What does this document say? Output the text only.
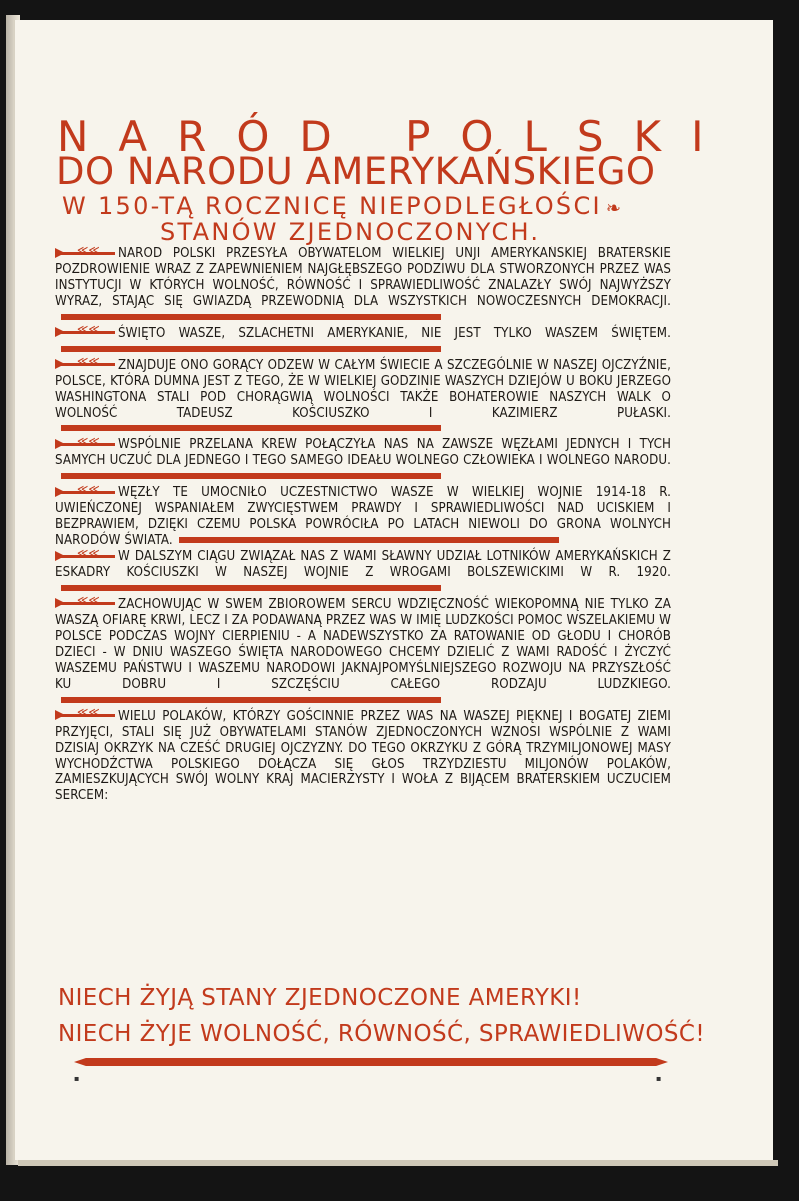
NARÓD POLSKI
DO NARODU AMERYKAŃSKIEGO
W 150-TĄ ROCZNICĘ NIEPODLEGŁOŚCI ❧
STANÓW ZJEDNOCZONYCH.

≪≪NARÓD POLSKI PRZESYŁA OBYWATELOM WIELKIEJ UNJI AMERYKAŃSKIEJ BRATERSKIE POZDROWIENIE WRAZ Z ZAPEWNIENIEM NAJGŁĘBSZEGO PODZIWU DLA STWORZONYCH PRZEZ WAS INSTYTUCJI W KTÓRYCH WOLNOŚĆ, RÓWNOŚĆ I SPRAWIEDLIWOŚĆ ZNALAZŁY SWÓJ NAJWYŻSZY WYRAZ, STAJĄC SIĘ GWIAZDĄ PRZEWODNIĄ DLA WSZYSTKICH NOWOCZESNYCH DEMOKRACJI.

≪≪ŚWIĘTO WASZE, SZLACHETNI AMERYKANIE, NIE JEST TYLKO WASZEM ŚWIĘTEM.

≪≪ZNAJDUJE ONO GORĄCY ODZEW W CAŁYM ŚWIECIE A SZCZEGÓLNIE W NASZEJ OJCZYŹNIE, POLSCE, KTÓRA DUMNA JEST Z TEGO, ŻE W WIELKIEJ GODZINIE WASZYCH DZIEJÓW U BOKU JERZEGO WASHINGTONA STALI POD CHORĄGWIĄ WOLNOŚCI TAKŻE BOHATEROWIE NASZYCH WALK O WOLNOŚĆ TADEUSZ KOŚCIUSZKO I KAZIMIERZ PUŁASKI.

≪≪WSPÓLNIE PRZELANA KREW POŁĄCZYŁA NAS NA ZAWSZE WĘZŁAMI JEDNYCH I TYCH SAMYCH UCZUĆ DLA JEDNEGO I TEGO SAMEGO IDEAŁU WOLNEGO CZŁOWIEKA I WOLNEGO NARODU.

≪≪WĘZŁY TE UMOCNIŁO UCZESTNICTWO WASZE W WIELKIEJ WOJNIE 1914-18 R. UWIEŃCZONEJ WSPANIAŁEM ZWYCIĘSTWEM PRAWDY I SPRAWIEDLIWOŚCI NAD UCISKIEM I BEZPRAWIEM, DZIĘKI CZEMU POLSKA POWRÓCIŁA PO LATACH NIEWOLI DO GRONA WOLNYCH NARODÓW ŚWIATA.

≪≪W DALSZYM CIĄGU ZWIĄZAŁ NAS Z WAMI SŁAWNY UDZIAŁ LOTNIKÓW AMERYKAŃSKICH Z ESKADRY KOŚCIUSZKI W NASZEJ WOJNIE Z WROGAMI BOLSZEWICKIMI W R. 1920.

≪≪ZACHOWUJĄC W SWEM ZBIOROWEM SERCU WDZIĘCZNOŚĆ WIEKOPOMNĄ NIE TYLKO ZA WASZĄ OFIARĘ KRWI, LECZ I ZA PODAWANĄ PRZEZ WAS W IMIĘ LUDZKOŚCI POMOC WSZELAKIEMU W POLSCE PODCZAS WOJNY CIERPIENIU - A NADEWSZYSTKO ZA RATOWANIE OD GŁODU I CHORÓB DZIECI - W DNIU WASZEGO ŚWIĘTA NARODOWEGO CHCEMY DZIELIĆ Z WAMI RADOŚĆ I ŻYCZYĆ WASZEMU PAŃSTWU I WASZEMU NARODOWI JAKNAJPOMYŚLNIEJSZEGO ROZWOJU NA PRZYSZŁOŚĆ KU DOBRU I SZCZĘŚCIU CAŁEGO RODZAJU LUDZKIEGO.

≪≪WIELU POLAKÓW, KTÓRZY GOŚCINNIE PRZEZ WAS NA WASZEJ PIĘKNEJ I BOGATEJ ZIEMI PRZYJĘCI, STALI SIĘ JUŻ OBYWATELAMI STANÓW ZJEDNOCZONYCH WZNOSI WSPÓLNIE Z WAMI DZISIAJ OKRZYK NA CZEŚĆ DRUGIEJ OJCZYZNY. DO TEGO OKRZYKU Z GÓRĄ TRZYMILJONOWEJ MASY WYCHODŹCTWA POLSKIEGO DOŁĄCZA SIĘ GŁOS TRZYDZIESTU MILJONÓW POLAKÓW, ZAMIESZKUJĄCYCH SWÓJ WOLNY KRAJ MACIERZYSTY I WOŁA Z BIJĄCEM BRATERSKIEM UCZUCIEM SERCEM:

NIECH ŻYJĄ STANY ZJEDNOCZONE AMERYKI!
NIECH ŻYJE WOLNOŚĆ, RÓWNOŚĆ, SPRAWIEDLIWOŚĆ!
▪	▪
